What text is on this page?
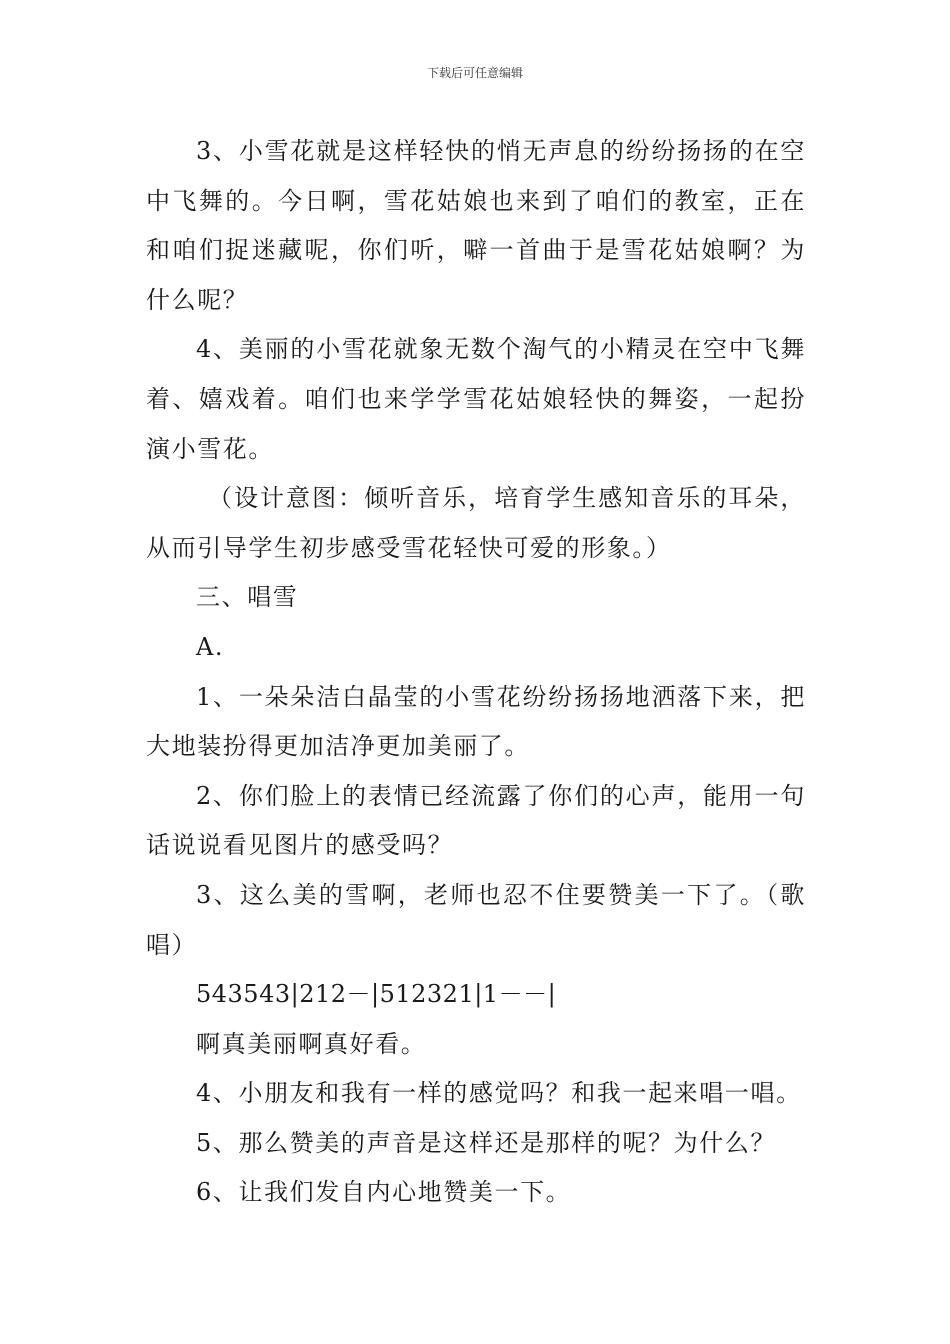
下载后可任意编辑

3、小雪花就是这样轻快的悄无声息的纷纷扬扬的在空中飞舞的。今日啊，雪花姑娘也来到了咱们的教室，正在和咱们捉迷藏呢，你们听，噼一首曲于是雪花姑娘啊？为什么呢？

4、美丽的小雪花就象无数个淘气的小精灵在空中飞舞着、嬉戏着。咱们也来学学雪花姑娘轻快的舞姿，一起扮演小雪花。

（设计意图：倾听音乐，培育学生感知音乐的耳朵，从而引导学生初步感受雪花轻快可爱的形象。）

三、唱雪

A.

1、一朵朵洁白晶莹的小雪花纷纷扬扬地洒落下来，把大地装扮得更加洁净更加美丽了。

2、你们脸上的表情已经流露了你们的心声，能用一句话说说看见图片的感受吗？

3、这么美的雪啊，老师也忍不住要赞美一下了。（歌唱）

543543|212－|512321|1－－|

啊真美丽啊真好看。

4、小朋友和我有一样的感觉吗？和我一起来唱一唱。

5、那么赞美的声音是这样还是那样的呢？为什么？

6、让我们发自内心地赞美一下。
